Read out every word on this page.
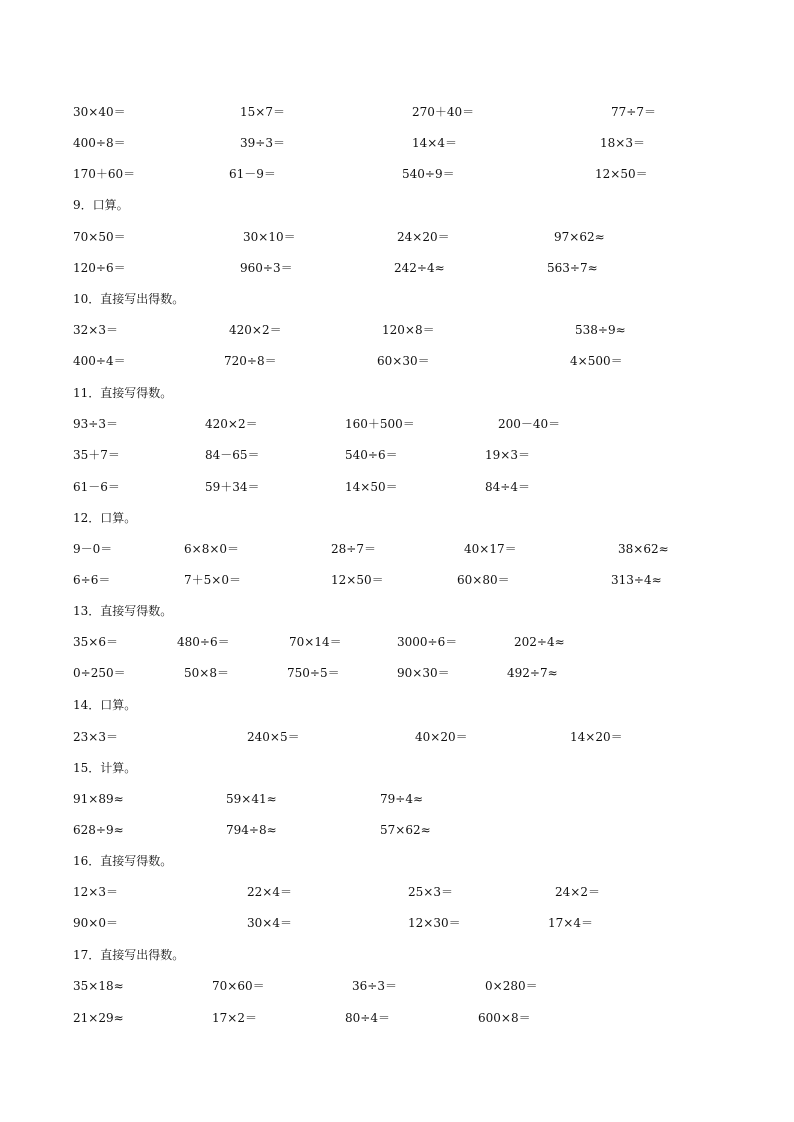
30×40＝	15×7＝	270＋40＝	77÷7＝
400÷8＝	39÷3＝	14×4＝	18×3＝
170＋60＝	61－9＝	540÷9＝	12×50＝
9．口算。
70×50＝	30×10＝	24×20＝	97×62≈
120÷6＝	960÷3＝	242÷4≈	563÷7≈
10．直接写出得数。
32×3＝	420×2＝	120×8＝	538÷9≈
400÷4＝	720÷8＝	60×30＝	4×500＝
11．直接写得数。
93÷3＝	420×2＝	160＋500＝	200－40＝
35＋7＝	84－65＝	540÷6＝	19×3＝
61－6＝	59＋34＝	14×50＝	84÷4＝
12．口算。
9－0＝	6×8×0＝	28÷7＝	40×17＝	38×62≈
6÷6＝	7＋5×0＝	12×50＝	60×80＝	313÷4≈
13．直接写得数。
35×6＝	480÷6＝	70×14＝	3000÷6＝	202÷4≈
0÷250＝	50×8＝	750÷5＝	90×30＝	492÷7≈
14．口算。
23×3＝	240×5＝	40×20＝	14×20＝
15．计算。
91×89≈	59×41≈	79÷4≈
628÷9≈	794÷8≈	57×62≈
16．直接写得数。
12×3＝	22×4＝	25×3＝	24×2＝
90×0＝	30×4＝	12×30＝	17×4＝
17．直接写出得数。
35×18≈	70×60＝	36÷3＝	0×280＝
21×29≈	17×2＝	80÷4＝	600×8＝
